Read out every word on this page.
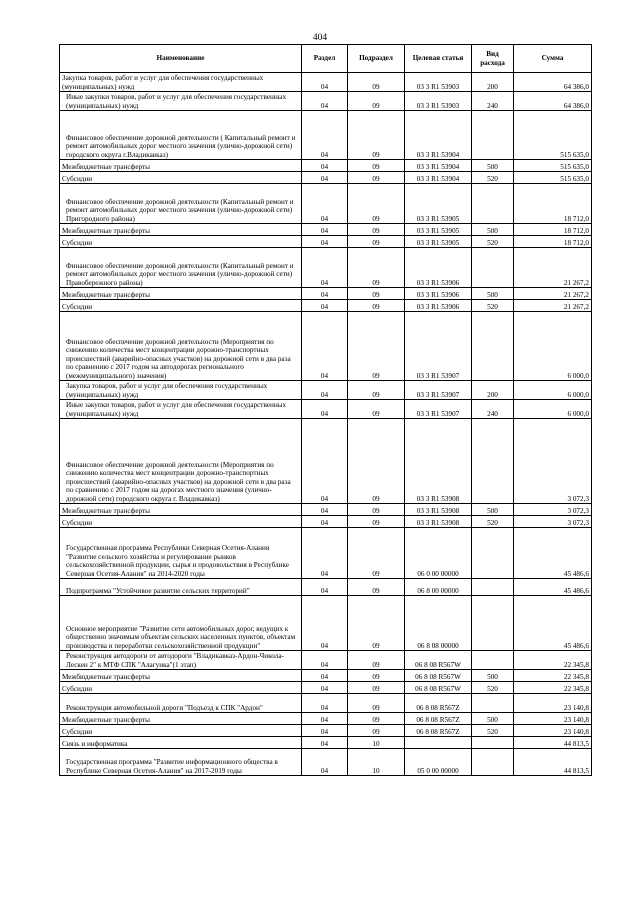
404
Наименование	Раздел	Подраздел	Целевая статья	Вид расхода	Сумма
Закупка товаров, работ и услуг для обеспечения государственных (муниципальных) нужд	04	09	03 3 R1 53903	200	64 386,0
Иные закупки товаров, работ и услуг для обеспечения государственных (муниципальных) нужд	04	09	03 3 R1 53903	240	64 386,0
Финансовое обеспечение дорожной деятельности ( Капитальный ремонт и ремонт автомобильных дорог местного значения (улично-дорожной сети) городского округа г.Владикавказ)	04	09	03 3 R1 53904		515 635,0
Межбюджетные трансферты	04	09	03 3 R1 53904	500	515 635,0
Субсидии	04	09	03 3 R1 53904	520	515 635,0
Финансовое обеспечение дорожной деятельности (Капитальный ремонт и ремонт автомобильных дорог местного значения (улично-дорожной сети) Пригородного района)	04	09	03 3 R1 53905		18 712,0
Межбюджетные трансферты	04	09	03 3 R1 53905	500	18 712,0
Субсидии	04	09	03 3 R1 53905	520	18 712,0
Финансовое обеспечение дорожной деятельности (Капитальный ремонт и ремонт автомобильных дорог местного значения (улично-дорожной сети) Правобережного района)	04	09	03 3 R1 53906		21 267,2
Межбюджетные трансферты	04	09	03 3 R1 53906	500	21 267,2
Субсидии	04	09	03 3 R1 53906	520	21 267,2
Финансовое обеспечение дорожной деятельности (Мероприятия по снижению количества мест концентрации дорожно-транспортных происшествий (аварийно-опасных участков) на дорожной сети в два раза по сравнению с 2017 годом на автодорогах регионального (межмуниципального) значения)	04	09	03 3 R1 53907		6 000,0
Закупка товаров, работ и услуг для обеспечения государственных (муниципальных) нужд	04	09	03 3 R1 53907	200	6 000,0
Иные закупки товаров, работ и услуг для обеспечения государственных (муниципальных) нужд	04	09	03 3 R1 53907	240	6 000,0
Финансовое обеспечение дорожной деятельности (Мероприятия по снижению количества мест концентрации дорожно-транспортных происшествий (аварийно-опасных участков) на дорожной сети в два раза по сравнению с 2017 годом на дорогах местного значения (улично-дорожной сети) городского округа г. Владикавказ)	04	09	03 3 R1 53908		3 072,3
Межбюджетные трансферты	04	09	03 3 R1 53908	500	3 072,3
Субсидии	04	09	03 3 R1 53908	520	3 072,3
Государственная программа Республики Северная Осетия-Алания "Развитие сельского хозяйства и регулирование рынков сельскохозяйственной продукции, сырья и продовольствия в Республике Северная Осетия-Алания" на 2014-2020 годы	04	09	06 0 00 00000		45 486,6
Подпрограмма "Устойчивое развитие сельских территорий"	04	09	06 8 00 00000		45 486,6
Основное мероприятие "Развитие сети автомобильных дорог, ведущих к общественно значимым объектам сельских населенных пунктов, объектам производства и переработки сельскохозяйственной продукции"	04	09	06 8 08 00000		45 486,6
Реконструкция автодороги от автодороги "Владикавказ-Ардон-Чикола-Лескен 2" к МТФ СПК "Алагуика"(1 этап)	04	09	06 8 08 R567W		22 345,8
Межбюджетные трансферты	04	09	06 8 08 R567W	500	22 345,8
Субсидии	04	09	06 8 08 R567W	520	22 345,8
Реконструкция автомобильной дороги "Подъезд к СПК "Ардон"	04	09	06 8 08 R567Z		23 140,8
Межбюджетные трансферты	04	09	06 8 08 R567Z	500	23 140,8
Субсидии	04	09	06 8 08 R567Z	520	23 140,8
Связь и информатика	04	10			44 813,5
Государственная программа "Развитие информационного общества в Республике Северная Осетия-Алания" на 2017-2019 годы	04	10	05 0 00 00000		44 813,5
